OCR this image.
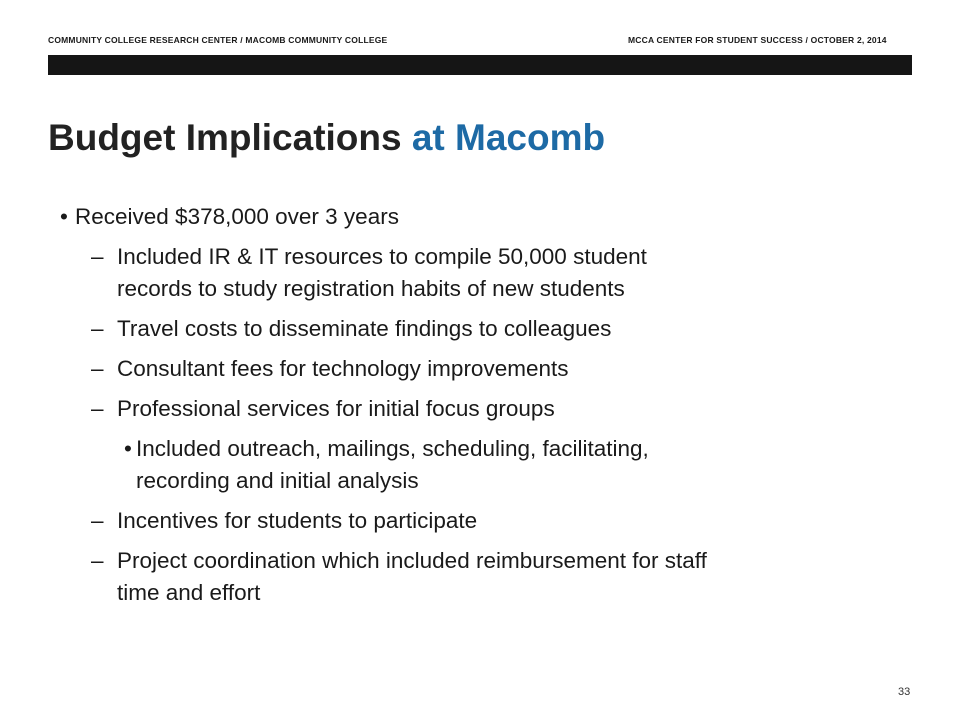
COMMUNITY COLLEGE RESEARCH CENTER / MACOMB COMMUNITY COLLEGE	MCCA CENTER FOR STUDENT SUCCESS / OCTOBER 2, 2014
Budget Implications at Macomb
• Received $378,000 over 3 years
– Included IR & IT resources to compile 50,000 student
records to study registration habits of new students
– Travel costs to disseminate findings to colleagues
– Consultant fees for technology improvements
– Professional services for initial focus groups
• Included outreach, mailings, scheduling, facilitating,
recording and initial analysis
– Incentives for students to participate
– Project coordination which included reimbursement for staff
time and effort
33
